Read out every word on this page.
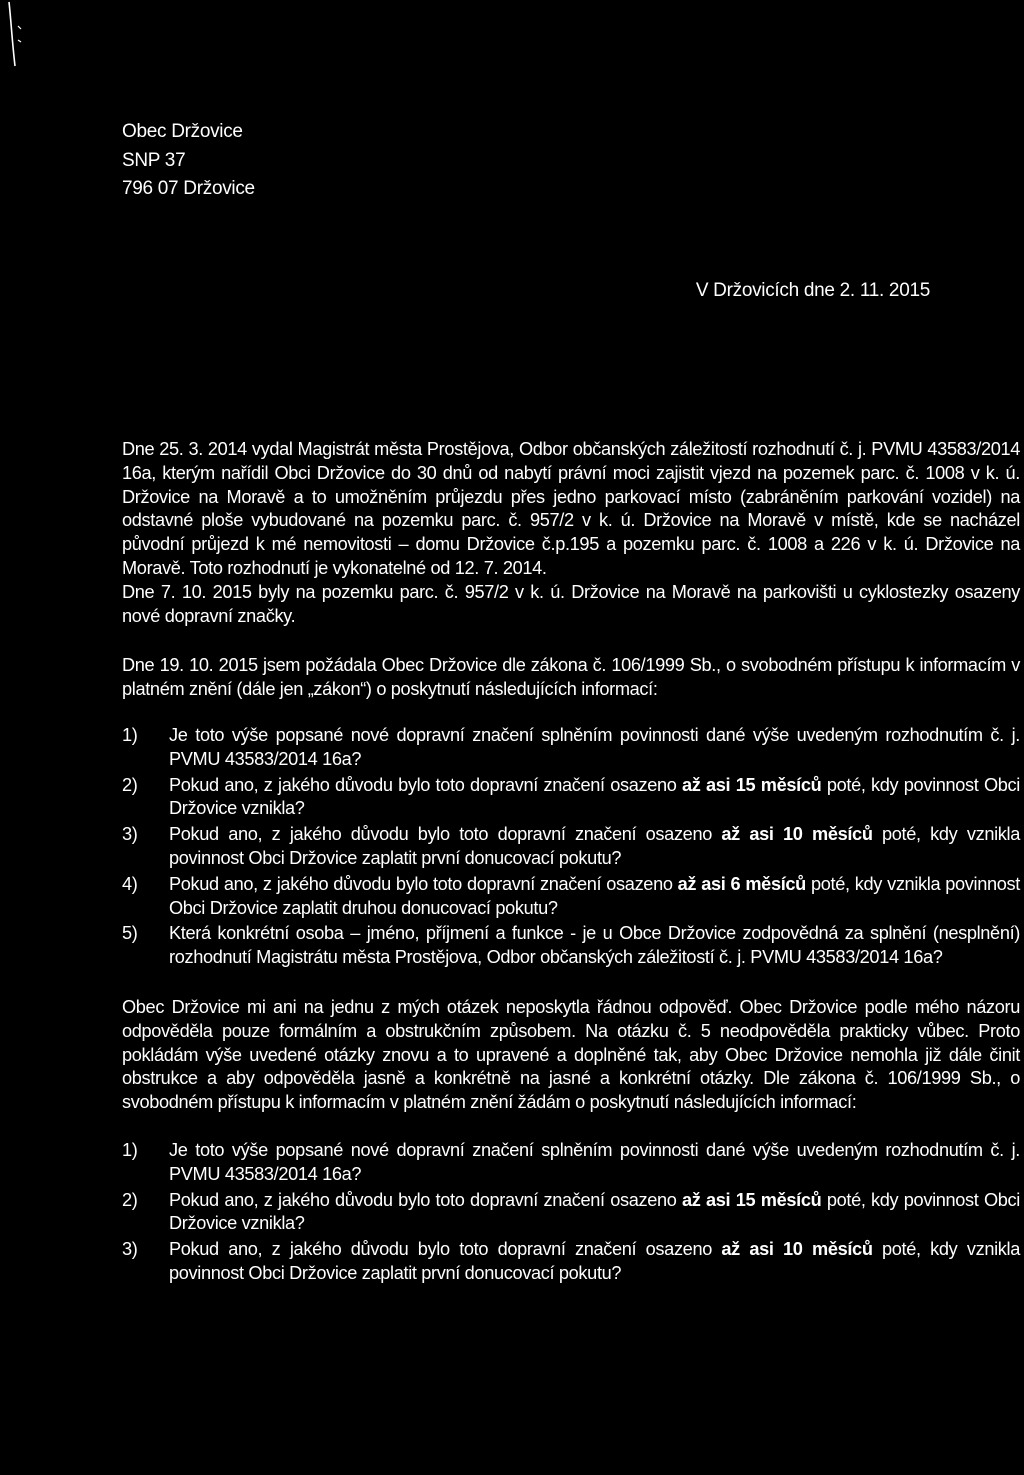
Obec Držovice
SNP 37
796 07 Držovice
V Držovicích dne 2. 11. 2015

Dne 25. 3. 2014 vydal Magistrát města Prostějova, Odbor občanských záležitostí rozhodnutí č. j. PVMU 43583/2014 16a, kterým nařídil Obci Držovice do 30 dnů od nabytí právní moci zajistit vjezd na pozemek parc. č. 1008 v k. ú. Držovice na Moravě a to umožněním průjezdu přes jedno parkovací místo (zabráněním parkování vozidel) na odstavné ploše vybudované na pozemku parc. č. 957/2 v k. ú. Držovice na Moravě v místě, kde se nacházel původní průjezd k mé nemovitosti – domu Držovice č.p.195 a pozemku parc. č. 1008 a 226 v k. ú. Držovice na Moravě. Toto rozhodnutí je vykonatelné od 12. 7. 2014.

Dne 7. 10. 2015 byly na pozemku parc. č. 957/2 v k. ú. Držovice na Moravě na parkovišti u cyklostezky osazeny nové dopravní značky.

Dne 19. 10. 2015 jsem požádala Obec Držovice dle zákona č. 106/1999 Sb., o svobodném přístupu k informacím v platném znění (dále jen „zákon“) o poskytnutí následujících informací:

1) Je toto výše popsané nové dopravní značení splněním povinnosti dané výše uvedeným rozhodnutím č. j. PVMU 43583/2014 16a?
2) Pokud ano, z jakého důvodu bylo toto dopravní značení osazeno až asi 15 měsíců poté, kdy povinnost Obci Držovice vznikla?
3) Pokud ano, z jakého důvodu bylo toto dopravní značení osazeno až asi 10 měsíců poté, kdy vznikla povinnost Obci Držovice zaplatit první donucovací pokutu?
4) Pokud ano, z jakého důvodu bylo toto dopravní značení osazeno až asi 6 měsíců poté, kdy vznikla povinnost Obci Držovice zaplatit druhou donucovací pokutu?
5) Která konkrétní osoba – jméno, příjmení a funkce - je u Obce Držovice zodpovědná za splnění (nesplnění) rozhodnutí Magistrátu města Prostějova, Odbor občanských záležitostí č. j. PVMU 43583/2014 16a?

Obec Držovice mi ani na jednu z mých otázek neposkytla řádnou odpověď. Obec Držovice podle mého názoru odpověděla pouze formálním a obstrukčním způsobem. Na otázku č. 5 neodpověděla prakticky vůbec. Proto pokládám výše uvedené otázky znovu a to upravené a doplněné tak, aby Obec Držovice nemohla již dále činit obstrukce a aby odpověděla jasně a konkrétně na jasné a konkrétní otázky. Dle zákona č. 106/1999 Sb., o svobodném přístupu k informacím v platném znění žádám o poskytnutí následujících informací:

1) Je toto výše popsané nové dopravní značení splněním povinnosti dané výše uvedeným rozhodnutím č. j. PVMU 43583/2014 16a?
2) Pokud ano, z jakého důvodu bylo toto dopravní značení osazeno až asi 15 měsíců poté, kdy povinnost Obci Držovice vznikla?
3) Pokud ano, z jakého důvodu bylo toto dopravní značení osazeno až asi 10 měsíců poté, kdy vznikla povinnost Obci Držovice zaplatit první donucovací pokutu?
